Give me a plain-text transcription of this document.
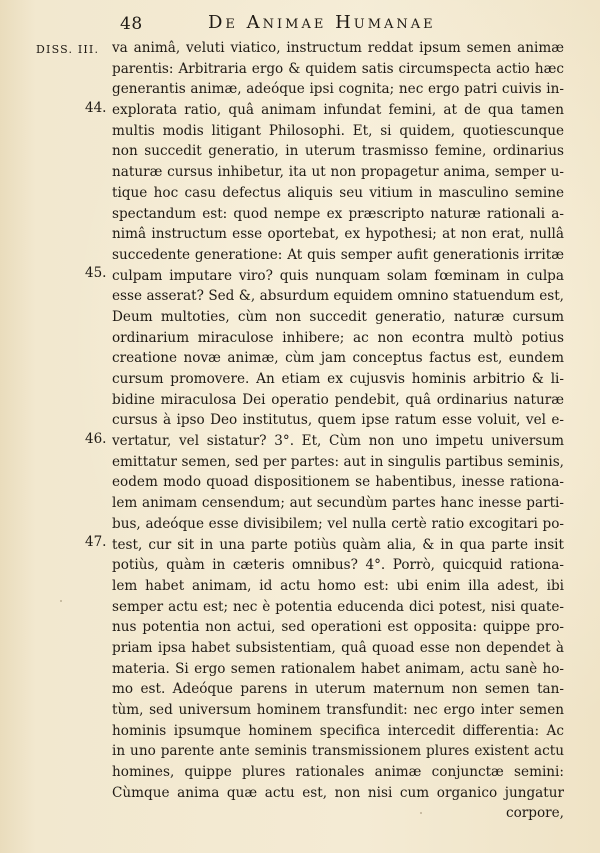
48	De Animae Humanae
DISS. III.
44.
45.
46.
47.
va animâ, veluti viatico, instructum reddat ipsum semen animæ
parentis: Arbitraria ergo & quidem satis circumspecta actio hæc
generantis animæ, adeóque ipsi cognita; nec ergo patri cuivis in-
explorata ratio, quâ animam infundat femini, at de qua tamen
multis modis litigant Philosophi. Et, si quidem, quotiescunque
non succedit generatio, in uterum trasmisso femine, ordinarius
naturæ cursus inhibetur, ita ut non propagetur anima, semper u-
tique hoc casu defectus aliquis seu vitium in masculino semine
spectandum est: quod nempe ex præscripto naturæ rationali a-
nimâ instructum esse oportebat, ex hypothesi; at non erat, nullâ
succedente generatione: At quis semper aufit generationis irritæ
culpam imputare viro? quis nunquam solam fœminam in culpa
esse asserat? Sed &, absurdum equidem omnino statuendum est,
Deum multoties, cùm non succedit generatio, naturæ cursum
ordinarium miraculose inhibere; ac non econtra multò potius
creatione novæ animæ, cùm jam conceptus factus est, eundem
cursum promovere. An etiam ex cujusvis hominis arbitrio & li-
bidine miraculosa Dei operatio pendebit, quâ ordinarius naturæ
cursus à ipso Deo institutus, quem ipse ratum esse voluit, vel e-
vertatur, vel sistatur? 3°. Et, Cùm non uno impetu universum
emittatur semen, sed per partes: aut in singulis partibus seminis,
eodem modo quoad dispositionem se habentibus, inesse rationa-
lem animam censendum; aut secundùm partes hanc inesse parti-
bus, adeóque esse divisibilem; vel nulla certè ratio excogitari po-
test, cur sit in una parte potiùs quàm alia, & in qua parte insit
potiùs, quàm in cæteris omnibus? 4°. Porrò, quicquid rationa-
lem habet animam, id actu homo est: ubi enim illa adest, ibi
semper actu est; nec è potentia educenda dici potest, nisi quate-
nus potentia non actui, sed operationi est opposita: quippe pro-
priam ipsa habet subsistentiam, quâ quoad esse non dependet à
materia. Si ergo semen rationalem habet animam, actu sanè ho-
mo est. Adeóque parens in uterum maternum non semen tan-
tùm, sed universum hominem transfundit: nec ergo inter semen
hominis ipsumque hominem specifica intercedit differentia: Ac
in uno parente ante seminis transmissionem plures existent actu
homines, quippe plures rationales animæ conjunctæ semini:
Cùmque anima quæ actu est, non nisi cum organico jungatur
corpore,
